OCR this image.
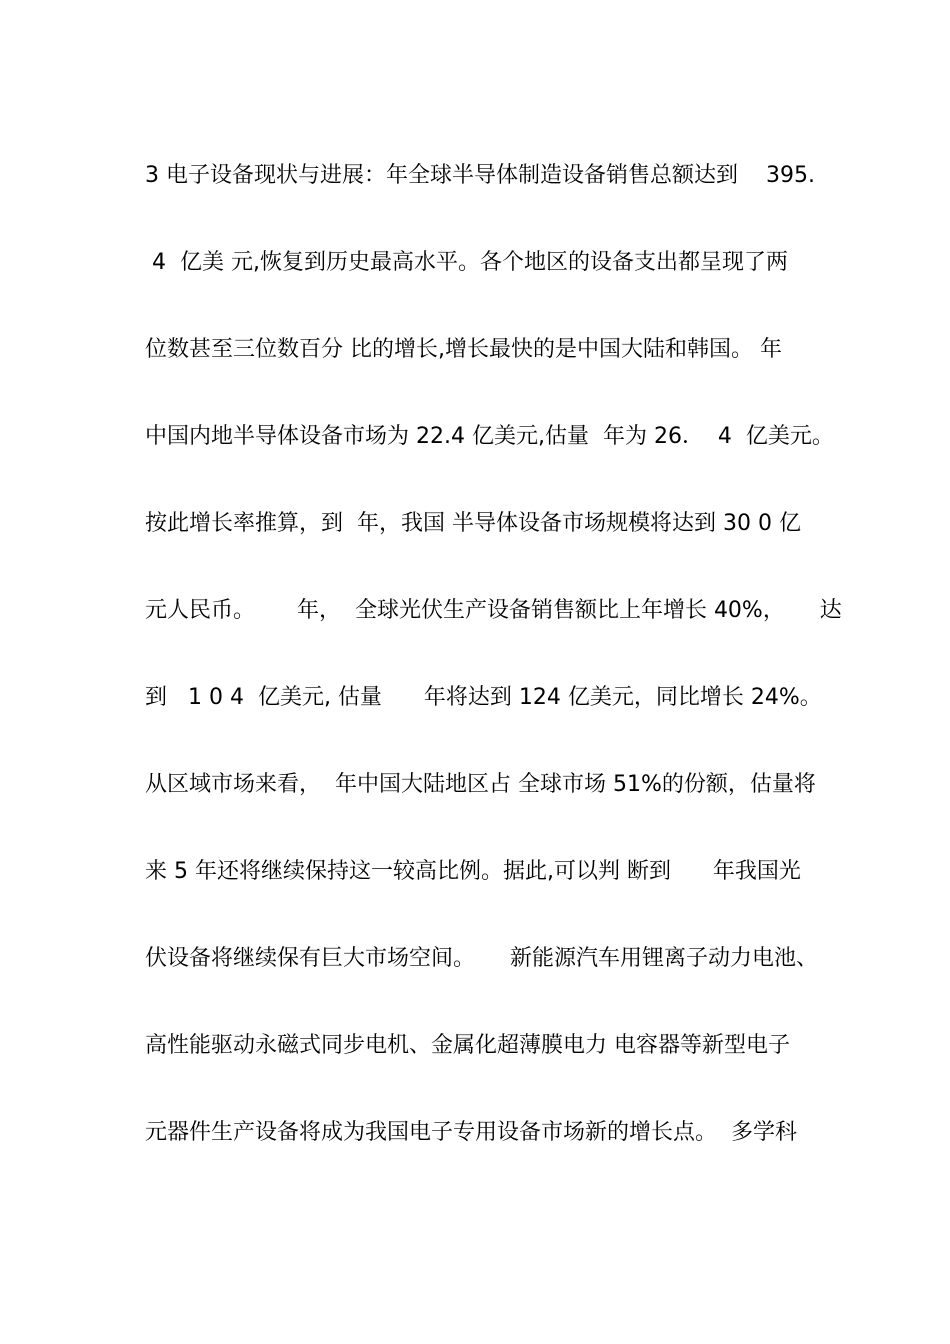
3 电子设备现状与进展：年全球半导体制造设备销售总额达到    395.
4  亿美 元,恢复到历史最高水平。各个地区的设备支出都呈现了两
位数甚至三位数百分 比的增长,增长最快的是中国大陆和韩国。 年
中国内地半导体设备市场为 22.4 亿美元,估量  年为 26．  4  亿美元。
按此增长率推算，到  年，我国 半导体设备市场规模将达到 30 0 亿
元人民币。      年，  全球光伏生产设备销售额比上年增长 40%，     达
到   1 0 4  亿美元, 估量      年将达到 124 亿美元，同比增长 24%。
从区域市场来看，  年中国大陆地区占 全球市场 51%的份额，估量将
来 5 年还将继续保持这一较高比例。据此,可以判 断到      年我国光
伏设备将继续保有巨大市场空间。     新能源汽车用锂离子动力电池、
高性能驱动永磁式同步电机、金属化超薄膜电力 电容器等新型电子
元器件生产设备将成为我国电子专用设备市场新的增长点。  多学科
